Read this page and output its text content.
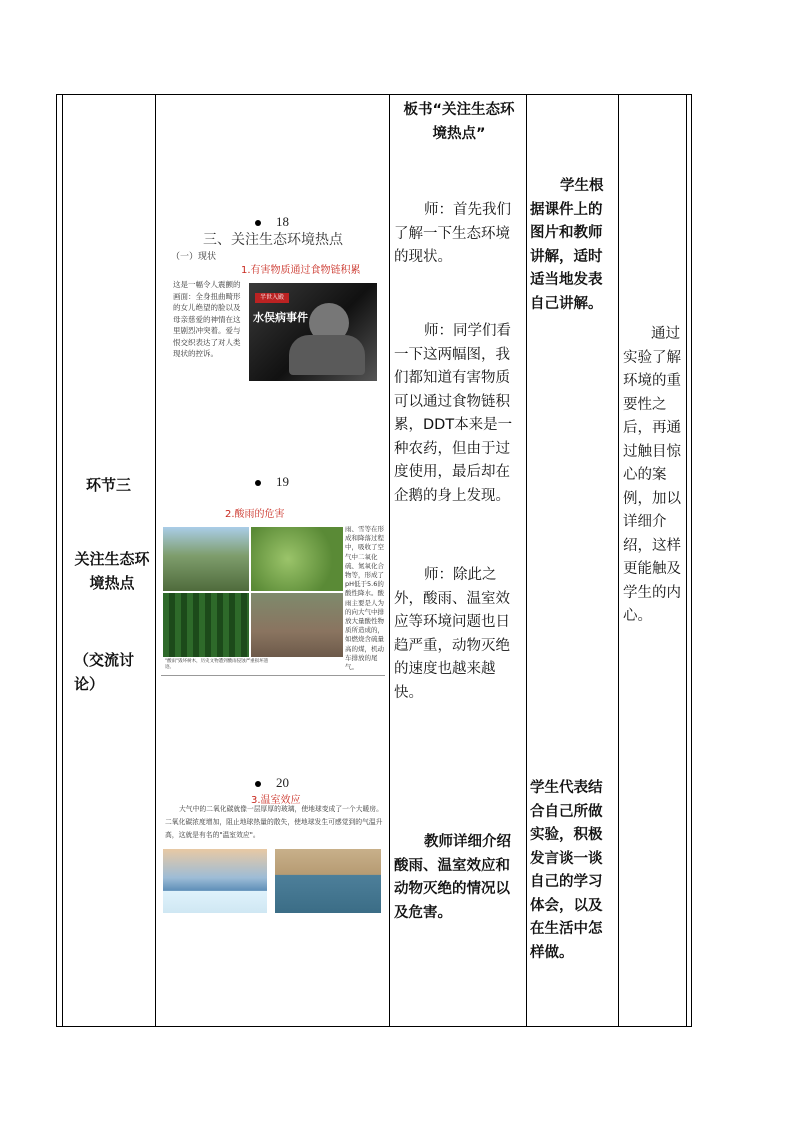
环节三
关注生态环境热点
（交流讨论）
18
三、关注生态环境热点
（一）现状
1.有害物质通过食物链积累
这是一幅令人震颤的画面：全身扭曲畸形的女儿绝望的脸以及母亲慈爱的神情在这里剧烈冲突着。爱与恨交织表达了对人类现状的控诉。
半世入殿
水俣病事件
19
2.酸雨的危害
雨、雪等在形成和降落过程中，吸收了空气中二氧化硫、氮氧化合物等，形成了pH低于5.6的酸性降水。酸雨主要是人为的向大气中排放大量酸性物质所造成的，如燃烧含硫量高的煤，机动车排放的尾气。
"酸雨"毁坏树木，历史文物遭到酸雨侵蚀严重损坏遗迹。
20
3.温室效应
大气中的二氧化碳就像一层厚厚的玻璃，使地球变成了一个大暖房。二氧化碳浓度增加，阻止地球热量的散失，使地球发生可感觉到的气温升高，这就是有名的"温室效应"。
板书“关注生态环境热点”
师：首先我们了解一下生态环境的现状。
师：同学们看一下这两幅图，我们都知道有害物质可以通过食物链积累，DDT本来是一种农药，但由于过度使用，最后却在企鹅的身上发现。
师：除此之外，酸雨、温室效应等环境问题也日趋严重，动物灭绝的速度也越来越快。
教师详细介绍酸雨、温室效应和动物灭绝的情况以及危害。
学生根据课件上的图片和教师讲解，适时适当地发表自己讲解。
学生代表结合自己所做实验，积极发言谈一谈自己的学习体会，以及在生活中怎样做。
通过实验了解环境的重要性之后，再通过触目惊心的案例，加以详细介绍，这样更能触及学生的内心。
